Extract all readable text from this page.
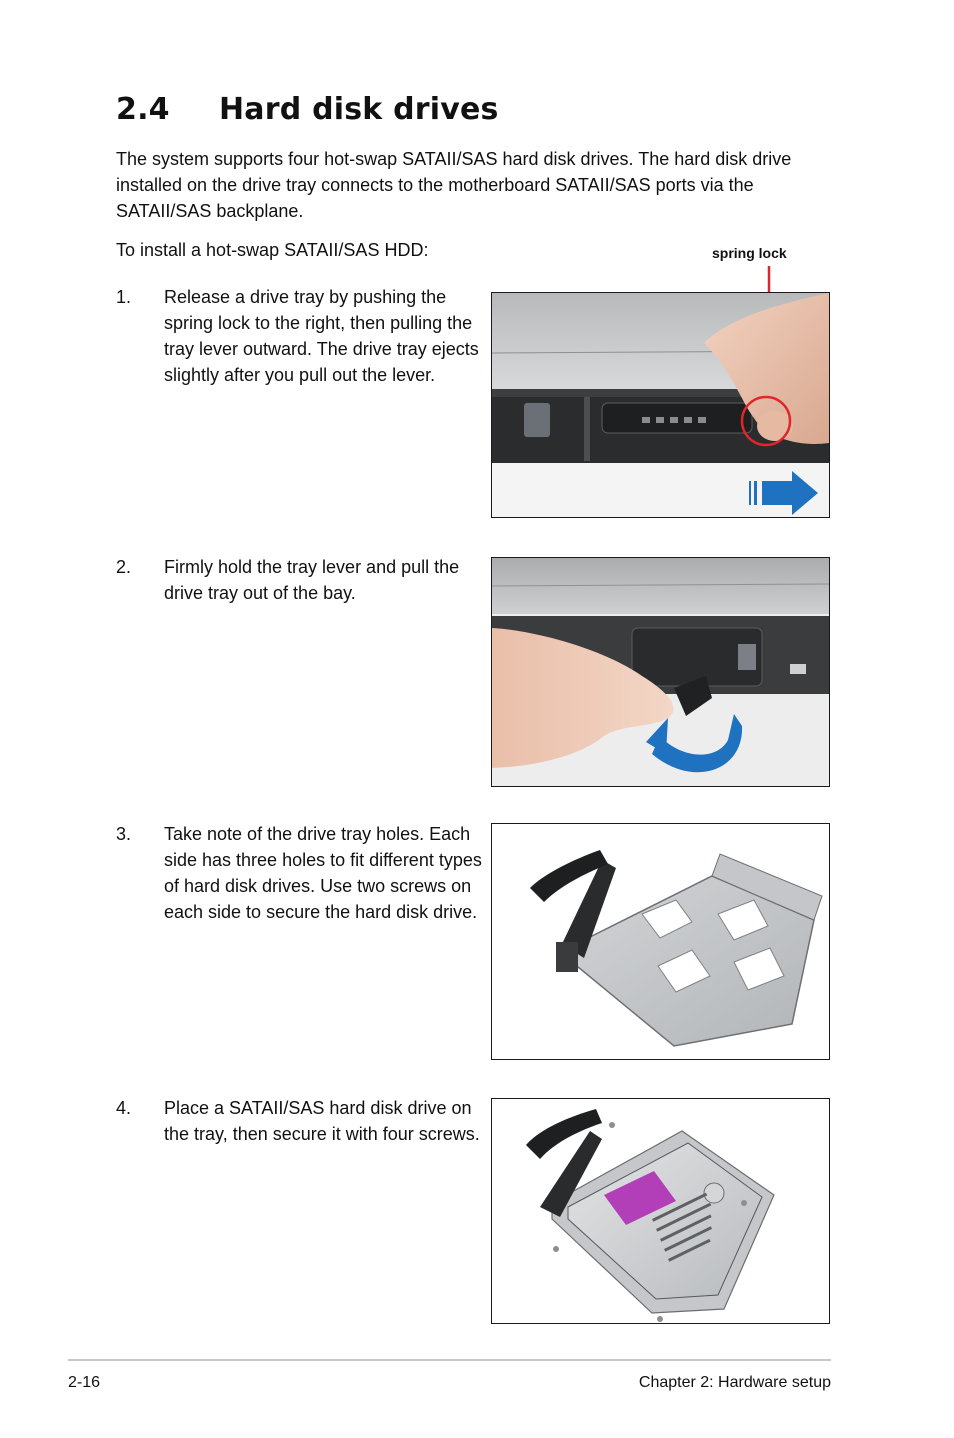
2.4 Hard disk drives

The system supports four hot-swap SATAII/SAS hard disk drives. The hard disk drive installed on the drive tray connects to the motherboard SATAII/SAS ports via the SATAII/SAS backplane.

To install a hot-swap SATAII/SAS HDD:

1. Release a drive tray by pushing the spring lock to the right, then pulling the tray lever outward. The drive tray ejects slightly after you pull out the lever.
spring lock
2. Firmly hold the tray lever and pull the drive tray out of the bay.
3. Take note of the drive tray holes. Each side has three holes to fit different types of hard disk drives. Use two screws on each side to secure the hard disk drive.
4. Place a SATAII/SAS hard disk drive on the tray, then secure it with four screws.
2-16	Chapter 2: Hardware setup
